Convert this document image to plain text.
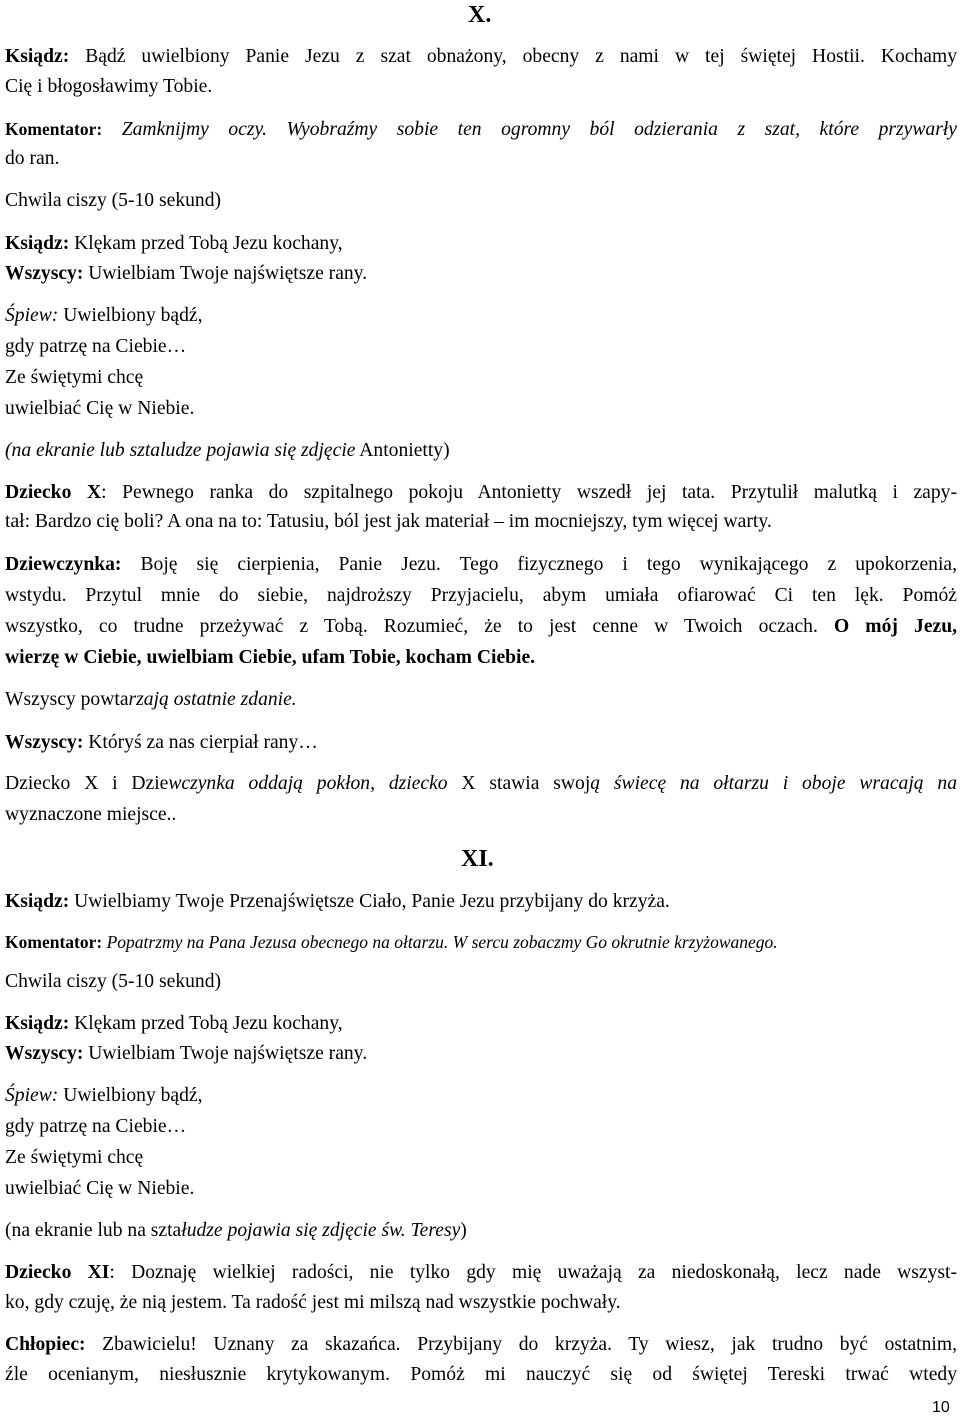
X.
Ksiądz: Bądź uwielbiony Panie Jezu z szat obnażony, obecny z nami w tej świętej Hostii. Kochamy
Cię i błogosławimy Tobie.
Komentator: Zamknijmy oczy. Wyobraźmy sobie ten ogromny ból odzierania z szat, które przywarły
do ran.
Chwila ciszy (5-10 sekund)
Ksiądz: Klękam przed Tobą Jezu kochany,
Wszyscy: Uwielbiam Twoje najświętsze rany.
Śpiew: Uwielbiony bądź,
gdy patrzę na Ciebie…
Ze świętymi chcę
uwielbiać Cię w Niebie.
(na ekranie lub sztaludze pojawia się zdjęcie Antonietty)
Dziecko X: Pewnego ranka do szpitalnego pokoju Antonietty wszedł jej tata. Przytulił malutką i zapy-
tał: Bardzo cię boli? A ona na to: Tatusiu, ból jest jak materiał – im mocniejszy, tym więcej warty.
Dziewczynka: Boję się cierpienia, Panie Jezu. Tego fizycznego i tego wynikającego z upokorzenia,
wstydu. Przytul mnie do siebie, najdroższy Przyjacielu, abym umiała ofiarować Ci ten lęk. Pomóż
wszystko, co trudne przeżywać z Tobą. Rozumieć, że to jest cenne w Twoich oczach. O mój Jezu,
wierzę w Ciebie, uwielbiam Ciebie, ufam Tobie, kocham Ciebie.
Wszyscy powtarzają ostatnie zdanie.
Wszyscy: Któryś za nas cierpiał rany…
Dziecko X i Dziewczynka oddają pokłon, dziecko X stawia swoją świecę na ołtarzu i oboje wracają na
wyznaczone miejsce..
XI.
Ksiądz: Uwielbiamy Twoje Przenajświętsze Ciało, Panie Jezu przybijany do krzyża.
Komentator: Popatrzmy na Pana Jezusa obecnego na ołtarzu. W sercu zobaczmy Go okrutnie krzyżowanego.
Chwila ciszy (5-10 sekund)
Ksiądz: Klękam przed Tobą Jezu kochany,
Wszyscy: Uwielbiam Twoje najświętsze rany.
Śpiew: Uwielbiony bądź,
gdy patrzę na Ciebie…
Ze świętymi chcę
uwielbiać Cię w Niebie.
(na ekranie lub na ształudze pojawia się zdjęcie św. Teresy)
Dziecko XI: Doznaję wielkiej radości, nie tylko gdy mię uważają za niedoskonałą, lecz nade wszyst-
ko, gdy czuję, że nią jestem. Ta radość jest mi milszą nad wszystkie pochwały.
Chłopiec: Zbawicielu! Uznany za skazańca. Przybijany do krzyża. Ty wiesz, jak trudno być ostatnim,
źle ocenianym, niesłusznie krytykowanym. Pomóż mi nauczyć się od świętej Tereski trwać wtedy
10
